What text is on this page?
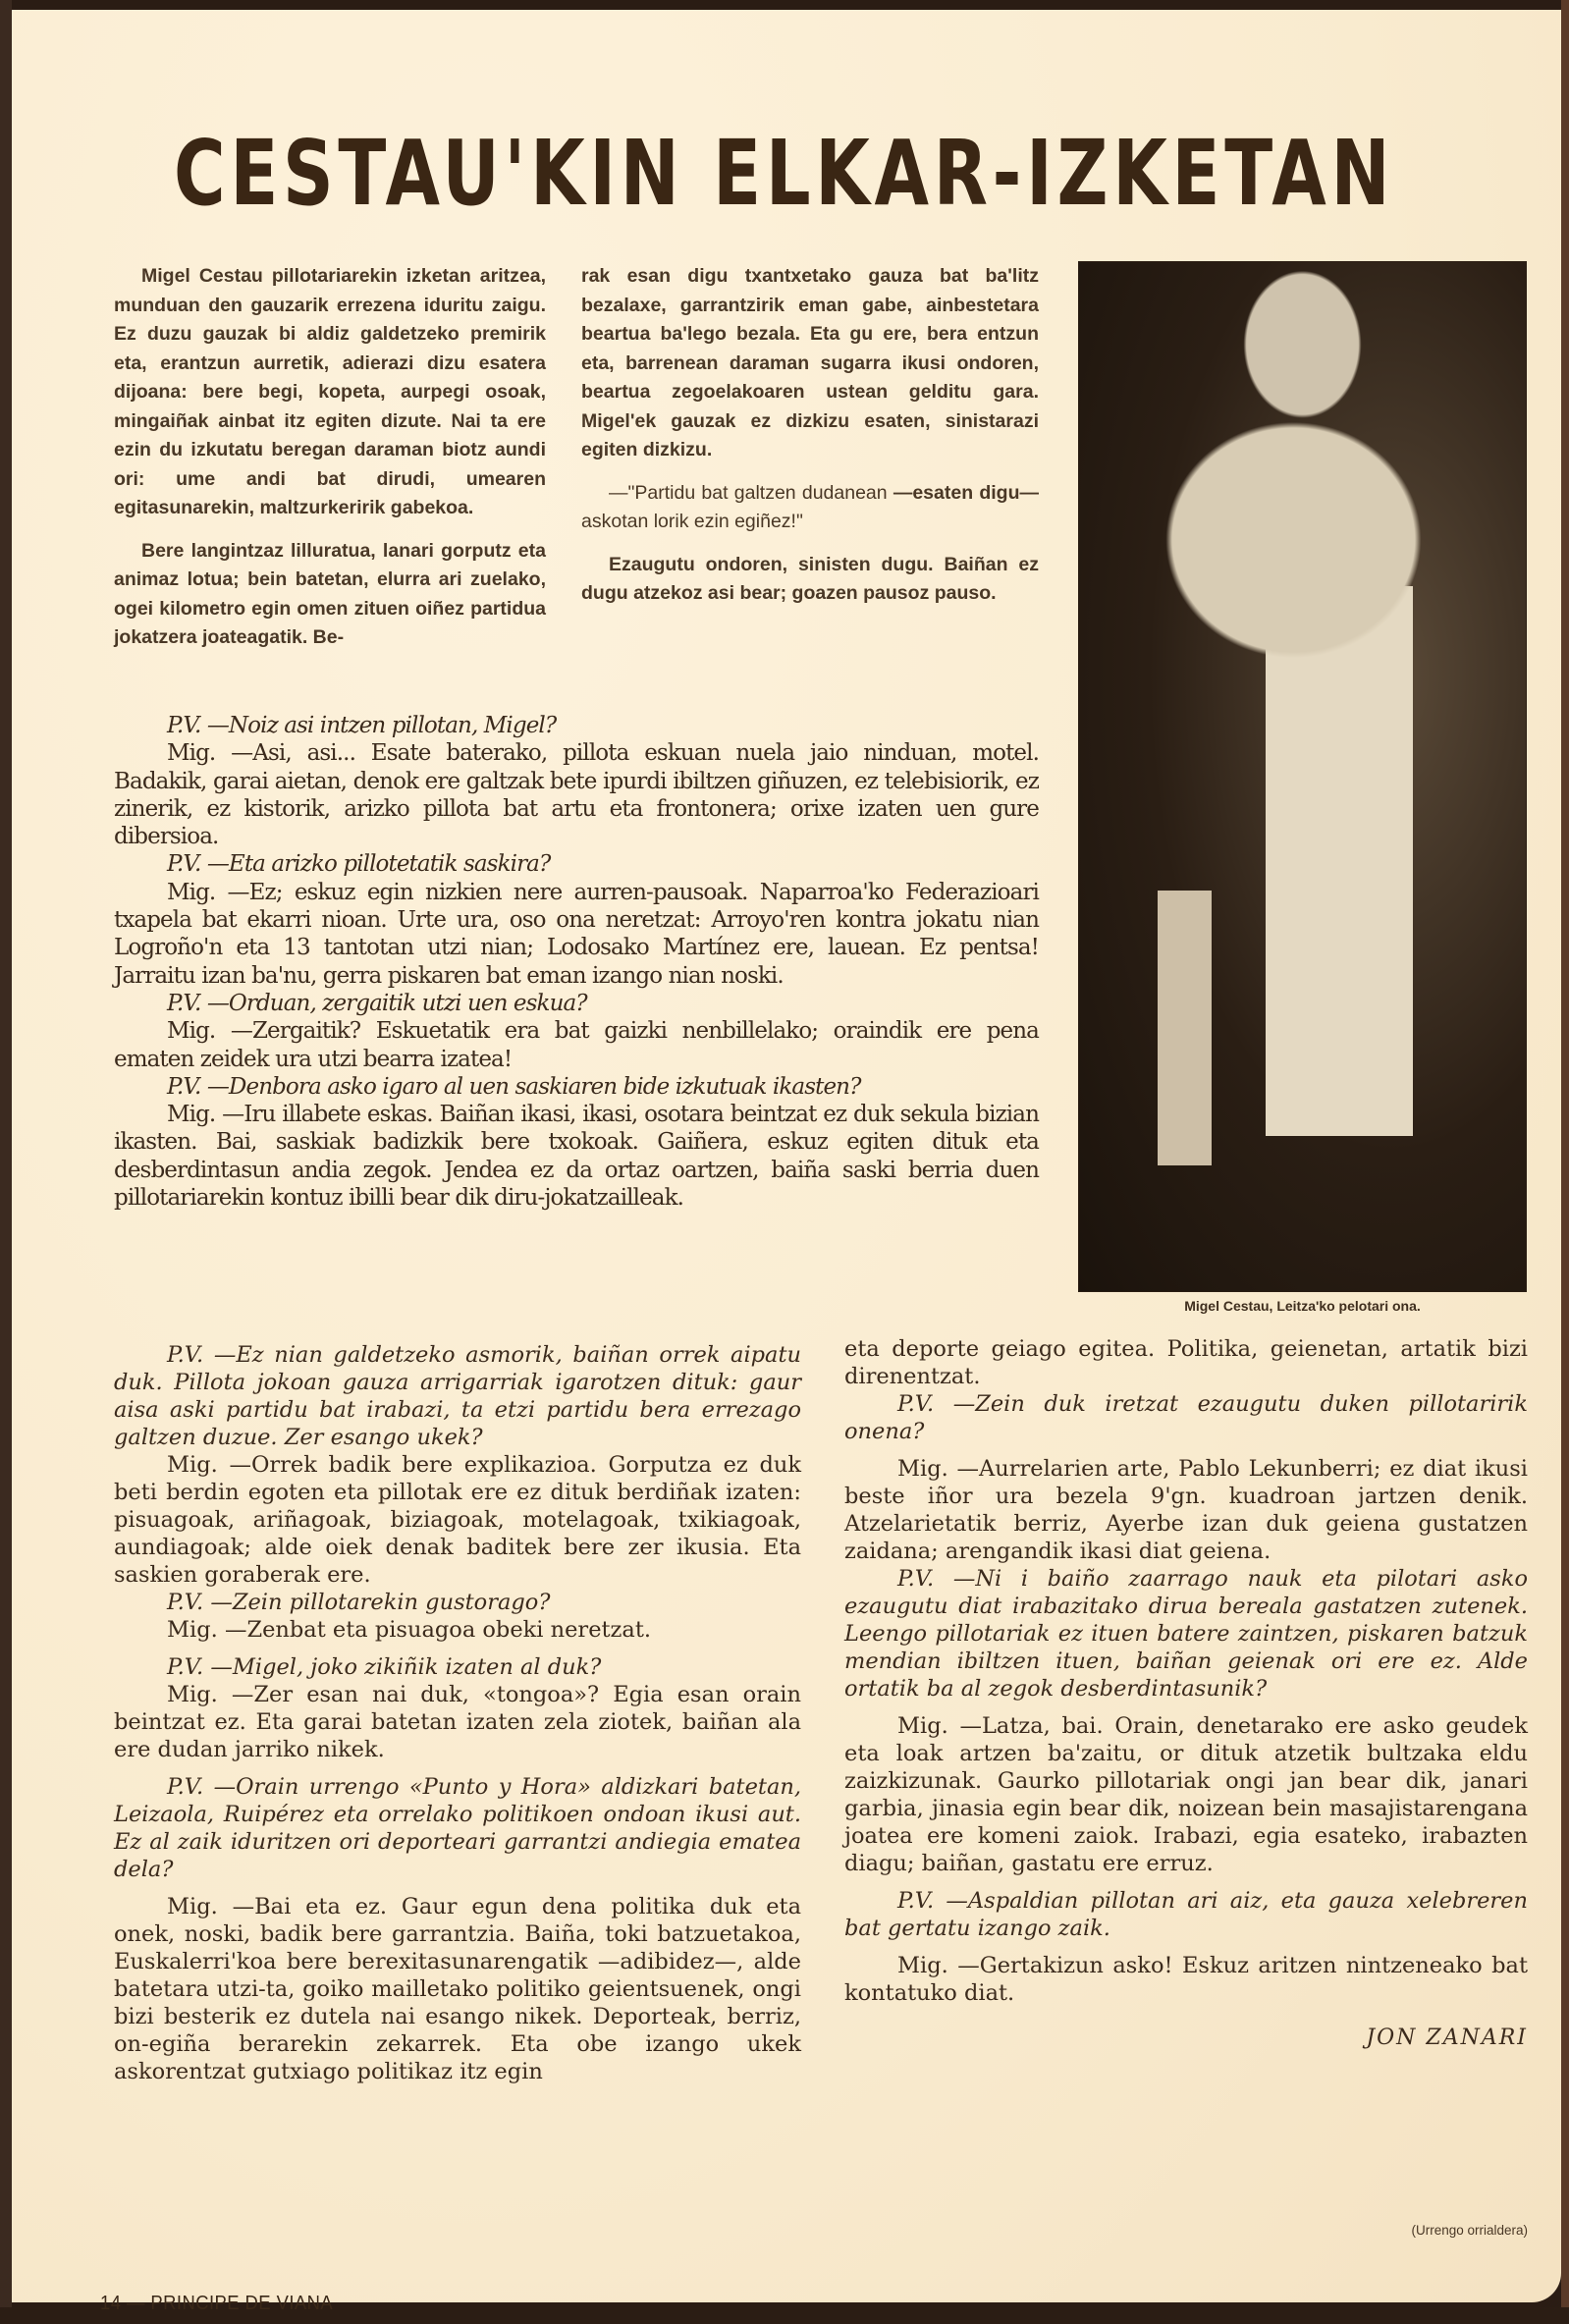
CESTAU'KIN ELKAR-IZKETAN

Migel Cestau pillotariarekin izketan aritzea, munduan den gauzarik errezena iduritu zaigu. Ez duzu gauzak bi aldiz galdetzeko premirik eta, erantzun aurretik, adierazi dizu esatera dijoana: bere begi, kopeta, aurpegi osoak, mingaiñak ainbat itz egiten dizute. Nai ta ere ezin du izkutatu beregan daraman biotz aundi ori: ume andi bat dirudi, umearen egitasunarekin, maltzurkeririk gabekoa.

Bere langintzaz lilluratua, lanari gorputz eta animaz lotua; bein batetan, elurra ari zuelako, ogei kilometro egin omen zituen oiñez partidua jokatzera joateagatik. Be-

rak esan digu txantxetako gauza bat ba'litz bezalaxe, garrantzirik eman gabe, ainbestetara beartua ba'lego bezala. Eta gu ere, bera entzun eta, barrenean daraman sugarra ikusi ondoren, beartua zegoelakoaren ustean gelditu gara. Migel'ek gauzak ez dizkizu esaten, sinistarazi egiten dizkizu.

—"Partidu bat galtzen dudanean —esaten digu— askotan lorik ezin egiñez!"

Ezaugutu ondoren, sinisten dugu. Baiñan ez dugu atzekoz asi bear; goazen pausoz pauso.

Migel Cestau, Leitza'ko pelotari ona.

P.V. —Noiz asi intzen pillotan, Migel?

Mig. —Asi, asi... Esate baterako, pillota eskuan nuela jaio ninduan, motel. Badakik, garai aietan, denok ere galtzak bete ipurdi ibiltzen giñuzen, ez telebisiorik, ez zinerik, ez kistorik, arizko pillota bat artu eta frontonera; orixe izaten uen gure dibersioa.

P.V. —Eta arizko pillotetatik saskira?

Mig. —Ez; eskuz egin nizkien nere aurren-pausoak. Naparroa'ko Federazioari txapela bat ekarri nioan. Urte ura, oso ona neretzat: Arroyo'ren kontra jokatu nian Logroño'n eta 13 tantotan utzi nian; Lodosako Martínez ere, lauean. Ez pentsa! Jarraitu izan ba'nu, gerra piskaren bat eman izango nian noski.

P.V. —Orduan, zergaitik utzi uen eskua?

Mig. —Zergaitik? Eskuetatik era bat gaizki nenbillelako; oraindik ere pena ematen zeidek ura utzi bearra izatea!

P.V. —Denbora asko igaro al uen saskiaren bide izkutuak ikasten?

Mig. —Iru illabete eskas. Baiñan ikasi, ikasi, osotara beintzat ez duk sekula bizian ikasten. Bai, saskiak badizkik bere txokoak. Gaiñera, eskuz egiten dituk eta desberdintasun andia zegok. Jendea ez da ortaz oartzen, baiña saski berria duen pillotariarekin kontuz ibilli bear dik diru-jokatzailleak.

P.V. —Ez nian galdetzeko asmorik, baiñan orrek aipatu duk. Pillota jokoan gauza arrigarriak igarotzen dituk: gaur aisa aski partidu bat irabazi, ta etzi partidu bera errezago galtzen duzue. Zer esango ukek?

Mig. —Orrek badik bere explikazioa. Gorputza ez duk beti berdin egoten eta pillotak ere ez dituk berdiñak izaten: pisuagoak, ariñagoak, biziagoak, motelagoak, txikiagoak, aundiagoak; alde oiek denak baditek bere zer ikusia. Eta saskien goraberak ere.

P.V. —Zein pillotarekin gustorago?

Mig. —Zenbat eta pisuagoa obeki neretzat.

P.V. —Migel, joko zikiñik izaten al duk?

Mig. —Zer esan nai duk, «tongoa»? Egia esan orain beintzat ez. Eta garai batetan izaten zela ziotek, baiñan ala ere dudan jarriko nikek.

P.V. —Orain urrengo «Punto y Hora» aldizkari batetan, Leizaola, Ruipérez eta orrelako politikoen ondoan ikusi aut. Ez al zaik iduritzen ori deporteari garrantzi andiegia ematea dela?

Mig. —Bai eta ez. Gaur egun dena politika duk eta onek, noski, badik bere garrantzia. Baiña, toki batzuetakoa, Euskalerri'koa bere berexitasunarengatik —adibidez—, alde batetara utzi-ta, goiko mailletako politiko geientsuenek, ongi bizi besterik ez dutela nai esango nikek. Deporteak, berriz, on-egiña berarekin zekarrek. Eta obe izango ukek askorentzat gutxiago politikaz itz egin

eta deporte geiago egitea. Politika, geienetan, artatik bizi direnentzat.

P.V. —Zein duk iretzat ezaugutu duken pillotaririk onena?

Mig. —Aurrelarien arte, Pablo Lekunberri; ez diat ikusi beste iñor ura bezela 9'gn. kuadroan jartzen denik. Atzelarietatik berriz, Ayerbe izan duk geiena gustatzen zaidana; arengandik ikasi diat geiena.

P.V. —Ni i baiño zaarrago nauk eta pilotari asko ezaugutu diat irabazitako dirua bereala gastatzen zutenek. Leengo pillotariak ez ituen batere zaintzen, piskaren batzuk mendian ibiltzen ituen, baiñan geienak ori ere ez. Alde ortatik ba al zegok desberdintasunik?

Mig. —Latza, bai. Orain, denetarako ere asko geudek eta loak artzen ba'zaitu, or dituk atzetik bultzaka eldu zaizkizunak. Gaurko pillotariak ongi jan bear dik, janari garbia, jinasia egin bear dik, noizean bein masajistarengana joatea ere komeni zaiok. Irabazi, egia esateko, irabazten diagu; baiñan, gastatu ere erruz.

P.V. —Aspaldian pillotan ari aiz, eta gauza xelebreren bat gertatu izango zaik.

Mig. —Gertakizun asko! Eskuz aritzen nintzeneako bat kontatuko diat.

JON ZANARI
(Urrengo orrialdera)
14 — PRINCIPE DE VIANA
